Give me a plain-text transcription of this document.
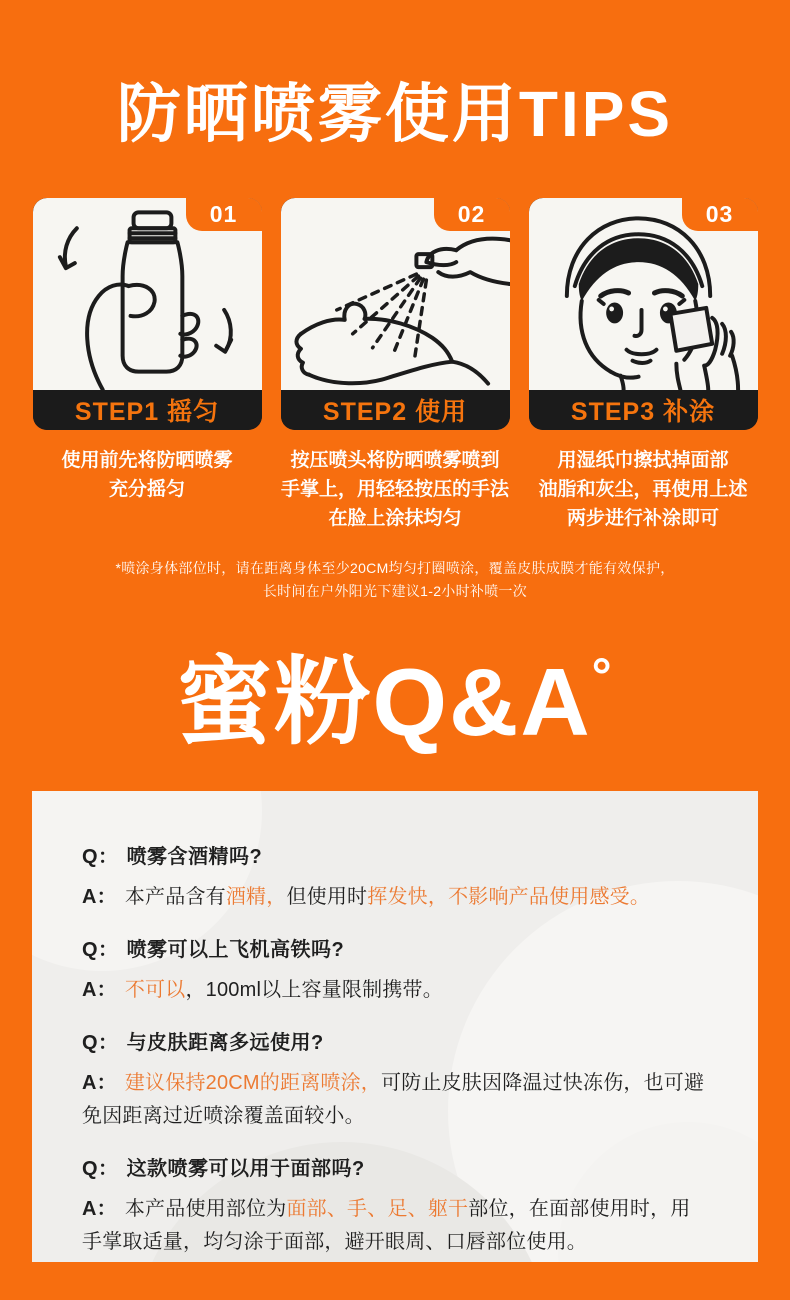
防晒喷雾使用TIPS
01
STEP1 摇匀
02
STEP2 使用
03
STEP3 补涂
使用前先将防晒喷雾
充分摇匀
按压喷头将防晒喷雾喷到
手掌上，用轻轻按压的手法
在脸上涂抹均匀
用湿纸巾擦拭掉面部
油脂和灰尘，再使用上述
两步进行补涂即可
*喷涂身体部位时，请在距离身体至少20CM均匀打圈喷涂，覆盖皮肤成膜才能有效保护，
长时间在户外阳光下建议1-2小时补喷一次
蜜粉Q&A°
Q： 喷雾含酒精吗?
A： 本产品含有酒精，但使用时挥发快，不影响产品使用感受。
Q： 喷雾可以上飞机高铁吗?
A： 不可以，100ml以上容量限制携带。
Q： 与皮肤距离多远使用?
A： 建议保持20CM的距离喷涂，可防止皮肤因降温过快冻伤，也可避免因距离过近喷涂覆盖面较小。
Q： 这款喷雾可以用于面部吗?
A： 本产品使用部位为面部、手、足、躯干部位，在面部使用时，用手掌取适量，均匀涂于面部，避开眼周、口唇部位使用。
